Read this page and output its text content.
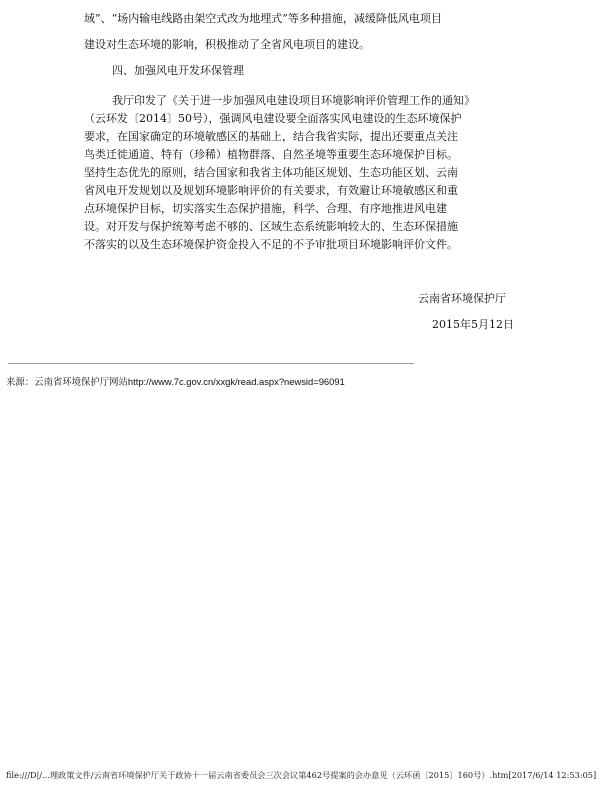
域”、“场内输电线路由架空式改为地埋式”等多种措施，减缓降低风电项目
建设对生态环境的影响，积极推动了全省风电项目的建设。
四、加强风电开发环保管理
我厅印发了《关于进一步加强风电建设项目环境影响评价管理工作的通知》
（云环发〔2014〕50号），强调风电建设要全面落实风电建设的生态环境保护
要求，在国家确定的环境敏感区的基础上，结合我省实际，提出还要重点关注
鸟类迁徙通道、特有（珍稀）植物群落、自然圣境等重要生态环境保护目标。
坚持生态优先的原则，结合国家和我省主体功能区规划、生态功能区划、云南
省风电开发规划以及规划环境影响评价的有关要求，有效避让环境敏感区和重
点环境保护目标，切实落实生态保护措施，科学、合理、有序地推进风电建
设。对开发与保护统筹考虑不够的、区域生态系统影响较大的、生态环保措施
不落实的以及生态环境保护资金投入不足的不予审批项目环境影响评价文件。
云南省环境保护厅
2015年5月12日
来源：云南省环境保护厅网站http://www.7c.gov.cn/xxgk/read.aspx?newsid=96091
file:///D|/...理政策文件/云南省环境保护厅关于政协十一届云南省委员会三次会议第462号提案的会办意见（云环函〔2015〕160号）.htm[2017/6/14 12:53:05]
